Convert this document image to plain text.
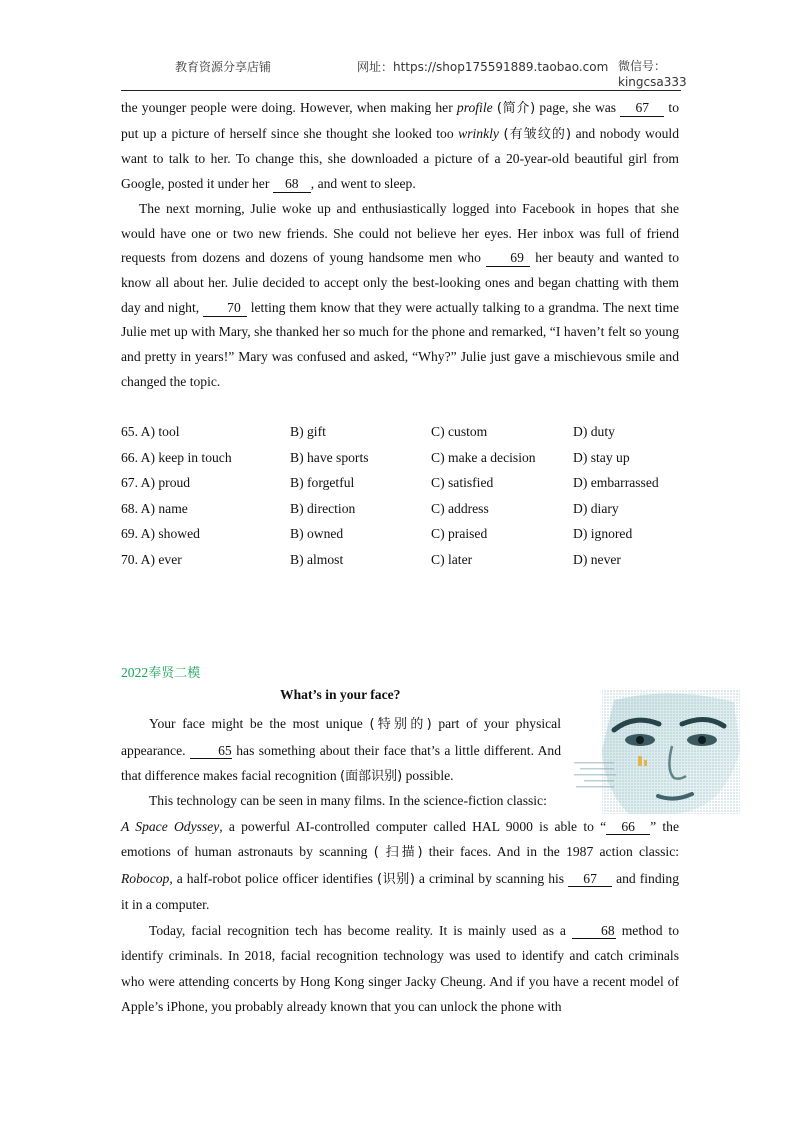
教育资源分享店铺	网址：https://shop175591889.taobao.com 微信号：
kingcsa333

the younger people were doing. However, when making her profile (简介) page, she was 67 to put up a picture of herself since she thought she looked too wrinkly (有皱纹的) and nobody would want to talk to her. To change this, she downloaded a picture of a 20-year-old beautiful girl from Google, posted it under her 68 , and went to sleep.

The next morning, Julie woke up and enthusiastically logged into Facebook in hopes that she would have one or two new friends. She could not believe her eyes. Her inbox was full of friend requests from dozens and dozens of young handsome men who 69 her beauty and wanted to know all about her. Julie decided to accept only the best-looking ones and began chatting with them day and night, 70 letting them know that they were actually talking to a grandma. The next time Julie met up with Mary, she thanked her so much for the phone and remarked, “I haven’t felt so young and pretty in years!” Mary was confused and asked, “Why?” Julie just gave a mischievous smile and changed the topic.

65. A) tool	B) gift	C) custom	D) duty
66. A) keep in touch	B) have sports	C) make a decision	D) stay up
67. A) proud	B) forgetful	C) satisfied	D) embarrassed
68. A) name	B) direction	C) address	D) diary
69. A) showed	B) owned	C) praised	D) ignored
70. A) ever	B) almost	C) later	D) never
2022奉贤二模
What’s in your face?

Your face might be the most unique (特别的) part of your physical appearance. 65 has something about their face that’s a little different. And that difference makes facial recognition (面部识别) possible.

This technology can be seen in many films. In the science-fiction classic:

A Space Odyssey, a powerful AI-controlled computer called HAL 9000 is able to “ 66 ” the emotions of human astronauts by scanning ( 扫描) their faces. And in the 1987 action classic: Robocop, a half-robot police officer identifies (识别) a criminal by scanning his 67 and finding it in a computer.

Today, facial recognition tech has become reality. It is mainly used as a 68 method to identify criminals. In 2018, facial recognition technology was used to identify and catch criminals who were attending concerts by Hong Kong singer Jacky Cheung. And if you have a recent model of Apple’s iPhone, you probably already known that you can unlock the phone with
